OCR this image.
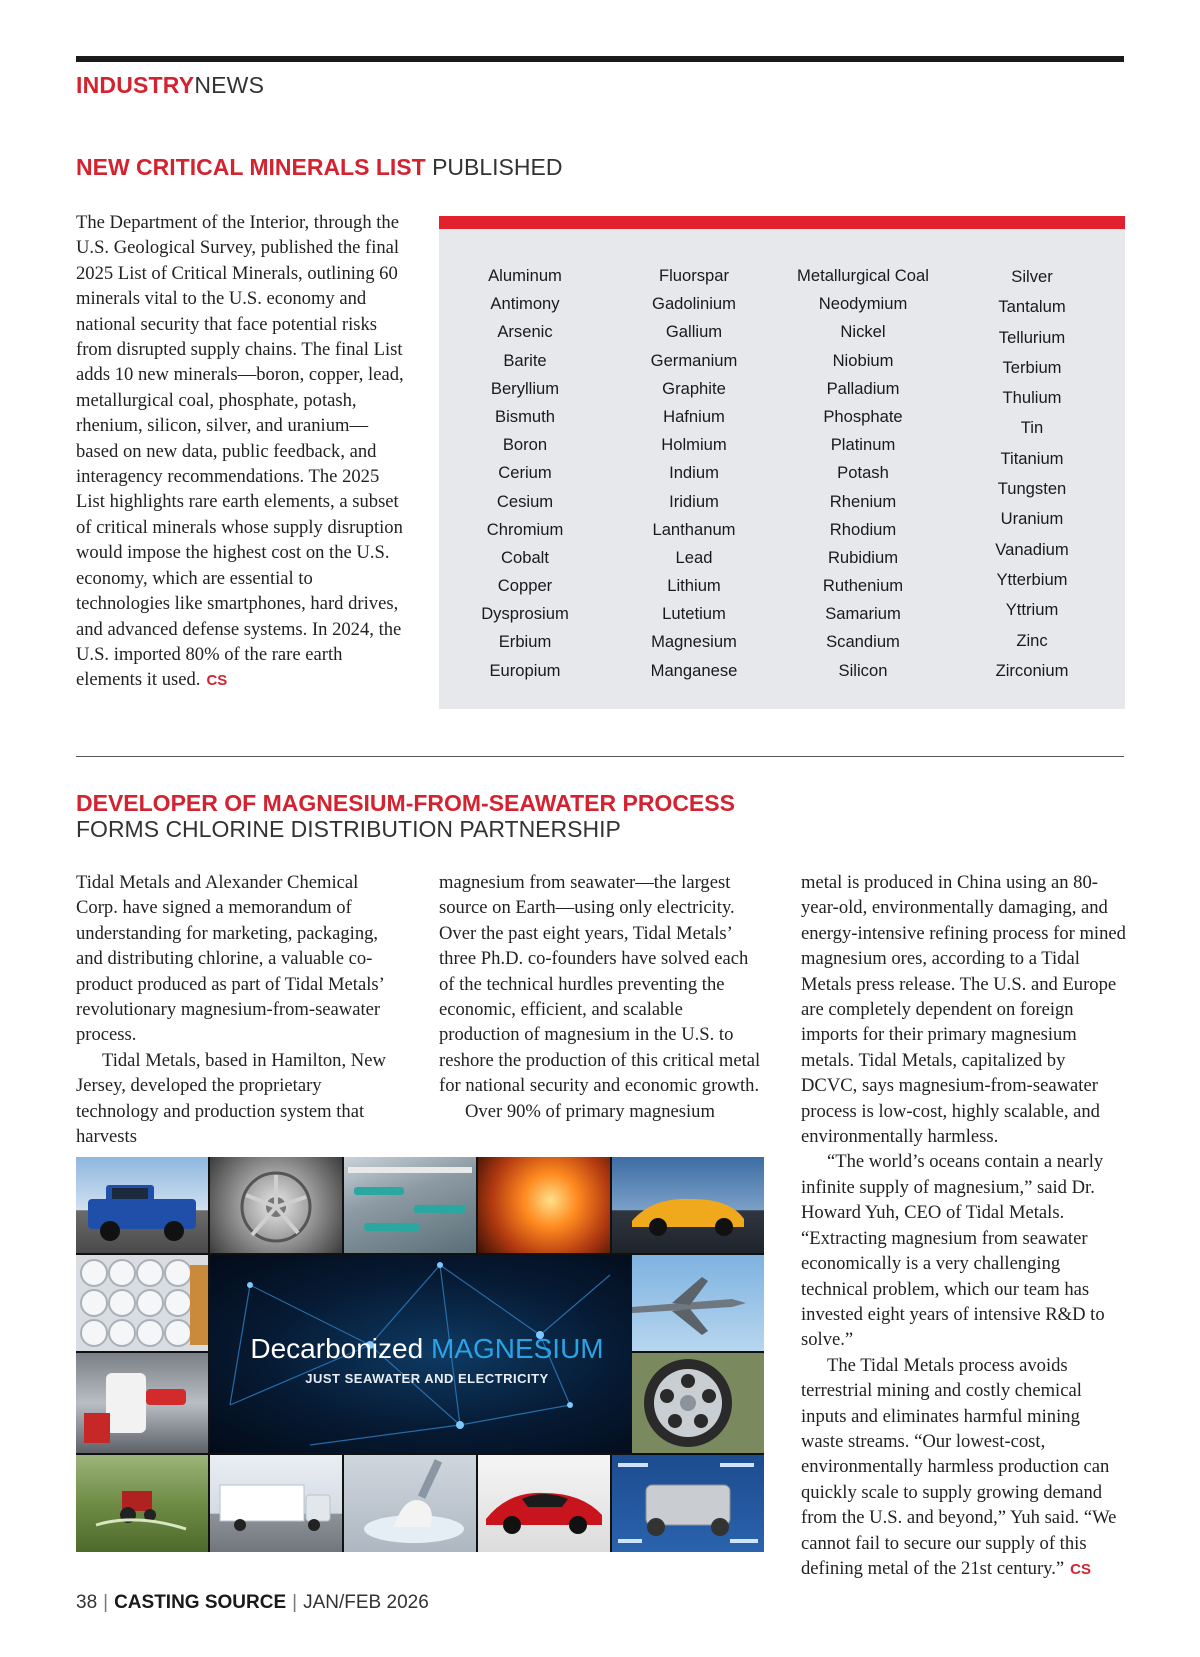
INDUSTRYNEWS
NEW CRITICAL MINERALS LIST PUBLISHED
The Department of the Interior, through the U.S. Geological Survey, published the final 2025 List of Critical Minerals, outlining 60 minerals vital to the U.S. economy and national security that face potential risks from disrupted supply chains. The final List adds 10 new minerals—boron, copper, lead, metallurgical coal, phosphate, potash, rhenium, silicon, silver, and uranium—based on new data, public feedback, and interagency recommendations. The 2025 List highlights rare earth elements, a subset of critical minerals whose supply disruption would impose the highest cost on the U.S. economy, which are essential to technologies like smartphones, hard drives, and advanced defense systems. In 2024, the U.S. imported 80% of the rare earth elements it used. CS
Aluminum
Antimony
Arsenic
Barite
Beryllium
Bismuth
Boron
Cerium
Cesium
Chromium
Cobalt
Copper
Dysprosium
Erbium
Europium
Fluorspar
Gadolinium
Gallium
Germanium
Graphite
Hafnium
Holmium
Indium
Iridium
Lanthanum
Lead
Lithium
Lutetium
Magnesium
Manganese
Metallurgical Coal
Neodymium
Nickel
Niobium
Palladium
Phosphate
Platinum
Potash
Rhenium
Rhodium
Rubidium
Ruthenium
Samarium
Scandium
Silicon
Silver
Tantalum
Tellurium
Terbium
Thulium
Tin
Titanium
Tungsten
Uranium
Vanadium
Ytterbium
Yttrium
Zinc
Zirconium
DEVELOPER OF MAGNESIUM-FROM-SEAWATER PROCESS
FORMS CHLORINE DISTRIBUTION PARTNERSHIP

Tidal Metals and Alexander Chemical Corp. have signed a memorandum of understanding for marketing, packaging, and distributing chlorine, a valuable co-product produced as part of Tidal Metals’ revolutionary magnesium-from-seawater process.

Tidal Metals, based in Hamilton, New Jersey, developed the proprietary technology and production system that harvests

magnesium from seawater—the largest source on Earth—using only electricity. Over the past eight years, Tidal Metals’ three Ph.D. co-founders have solved each of the technical hurdles preventing the economic, efficient, and scalable production of magnesium in the U.S. to reshore the production of this critical metal for national security and economic growth.

Over 90% of primary magnesium

metal is produced in China using an 80-year-old, environmentally damaging, and energy-intensive refining process for mined magnesium ores, according to a Tidal Metals press release. The U.S. and Europe are completely dependent on foreign imports for their primary magnesium metals. Tidal Metals, capitalized by DCVC, says magnesium-from-seawater process is low-cost, highly scalable, and environmentally harmless.

“The world’s oceans contain a nearly infinite supply of magnesium,” said Dr. Howard Yuh, CEO of Tidal Metals. “Extracting magnesium from seawater economically is a very challenging technical problem, which our team has invested eight years of intensive R&D to solve.”

The Tidal Metals process avoids terrestrial mining and costly chemical inputs and eliminates harmful mining waste streams. “Our lowest-cost, environmentally harmless production can quickly scale to supply growing demand from the U.S. and beyond,” Yuh said. “We cannot fail to secure our supply of this defining metal of the 21st century.” CS

Decarbonized MAGNESIUM
JUST SEAWATER AND ELECTRICITY
38 | CASTING SOURCE | JAN/FEB 2026
